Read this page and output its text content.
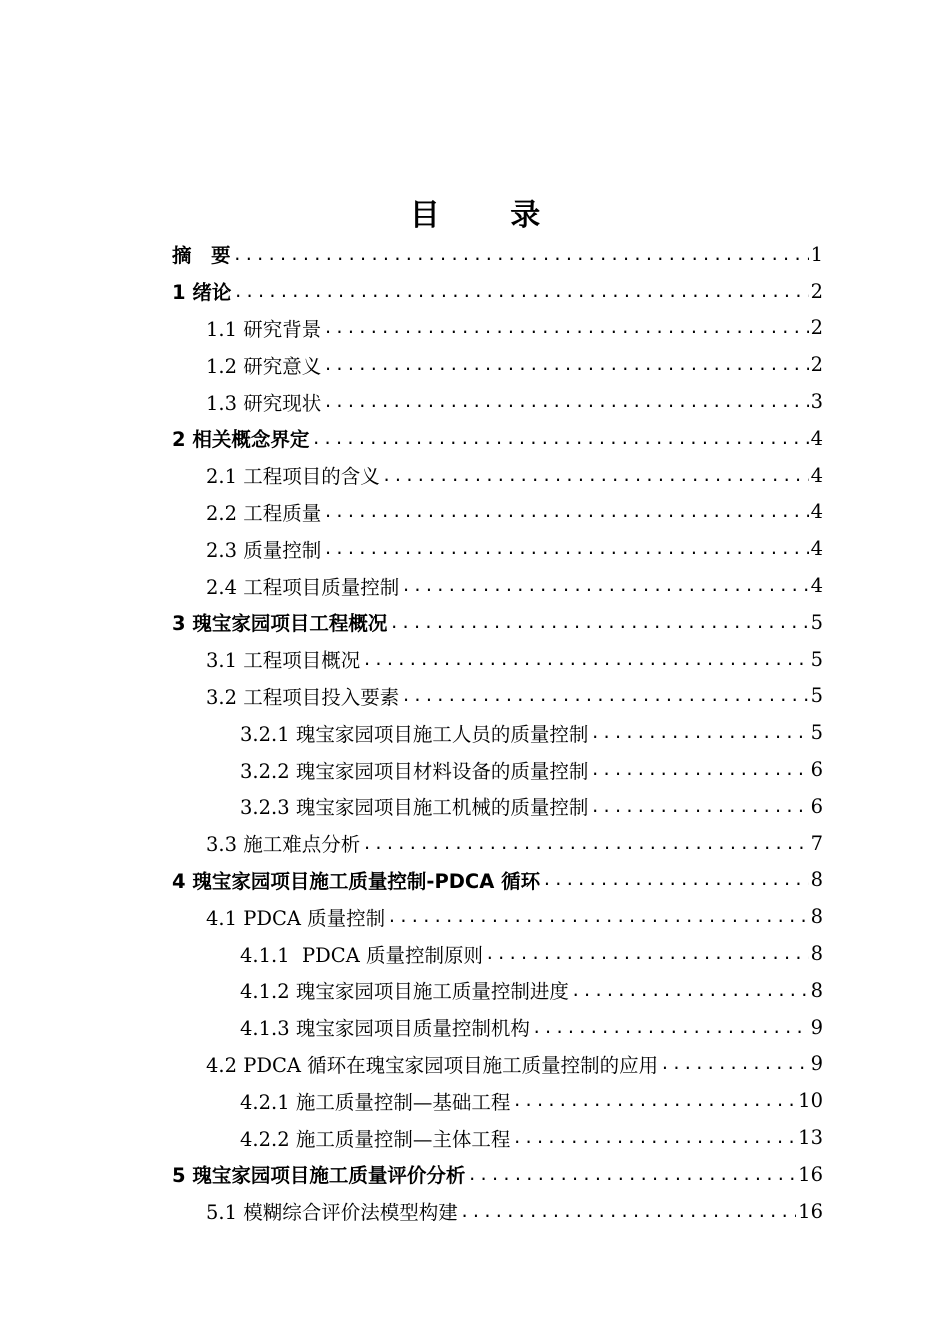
目 录
摘　要 .....	1
1 绪论 .....	2
1.1 研究背景 .....	2
1.2 研究意义 .....	2
1.3 研究现状 .....	3
2 相关概念界定 .....	4
2.1 工程项目的含义 .....	4
2.2 工程质量 .....	4
2.3 质量控制 .....	4
2.4 工程项目质量控制 .....	4
3 瑰宝家园项目工程概况 .....	5
3.1 工程项目概况 .....	5
3.2 工程项目投入要素 .....	5
3.2.1 瑰宝家园项目施工人员的质量控制 .....	5
3.2.2 瑰宝家园项目材料设备的质量控制 .....	6
3.2.3 瑰宝家园项目施工机械的质量控制 .....	6
3.3 施工难点分析 .....	7
4 瑰宝家园项目施工质量控制-PDCA 循环 .....	8
4.1 PDCA 质量控制 .....	8
4.1.1  PDCA 质量控制原则 .....	8
4.1.2 瑰宝家园项目施工质量控制进度 .....	8
4.1.3 瑰宝家园项目质量控制机构 .....	9
4.2 PDCA 循环在瑰宝家园项目施工质量控制的应用 .....	9
4.2.1 施工质量控制—基础工程 .....	10
4.2.2 施工质量控制—主体工程 .....	13
5 瑰宝家园项目施工质量评价分析 .....	16
5.1 模糊综合评价法模型构建 .....	16
